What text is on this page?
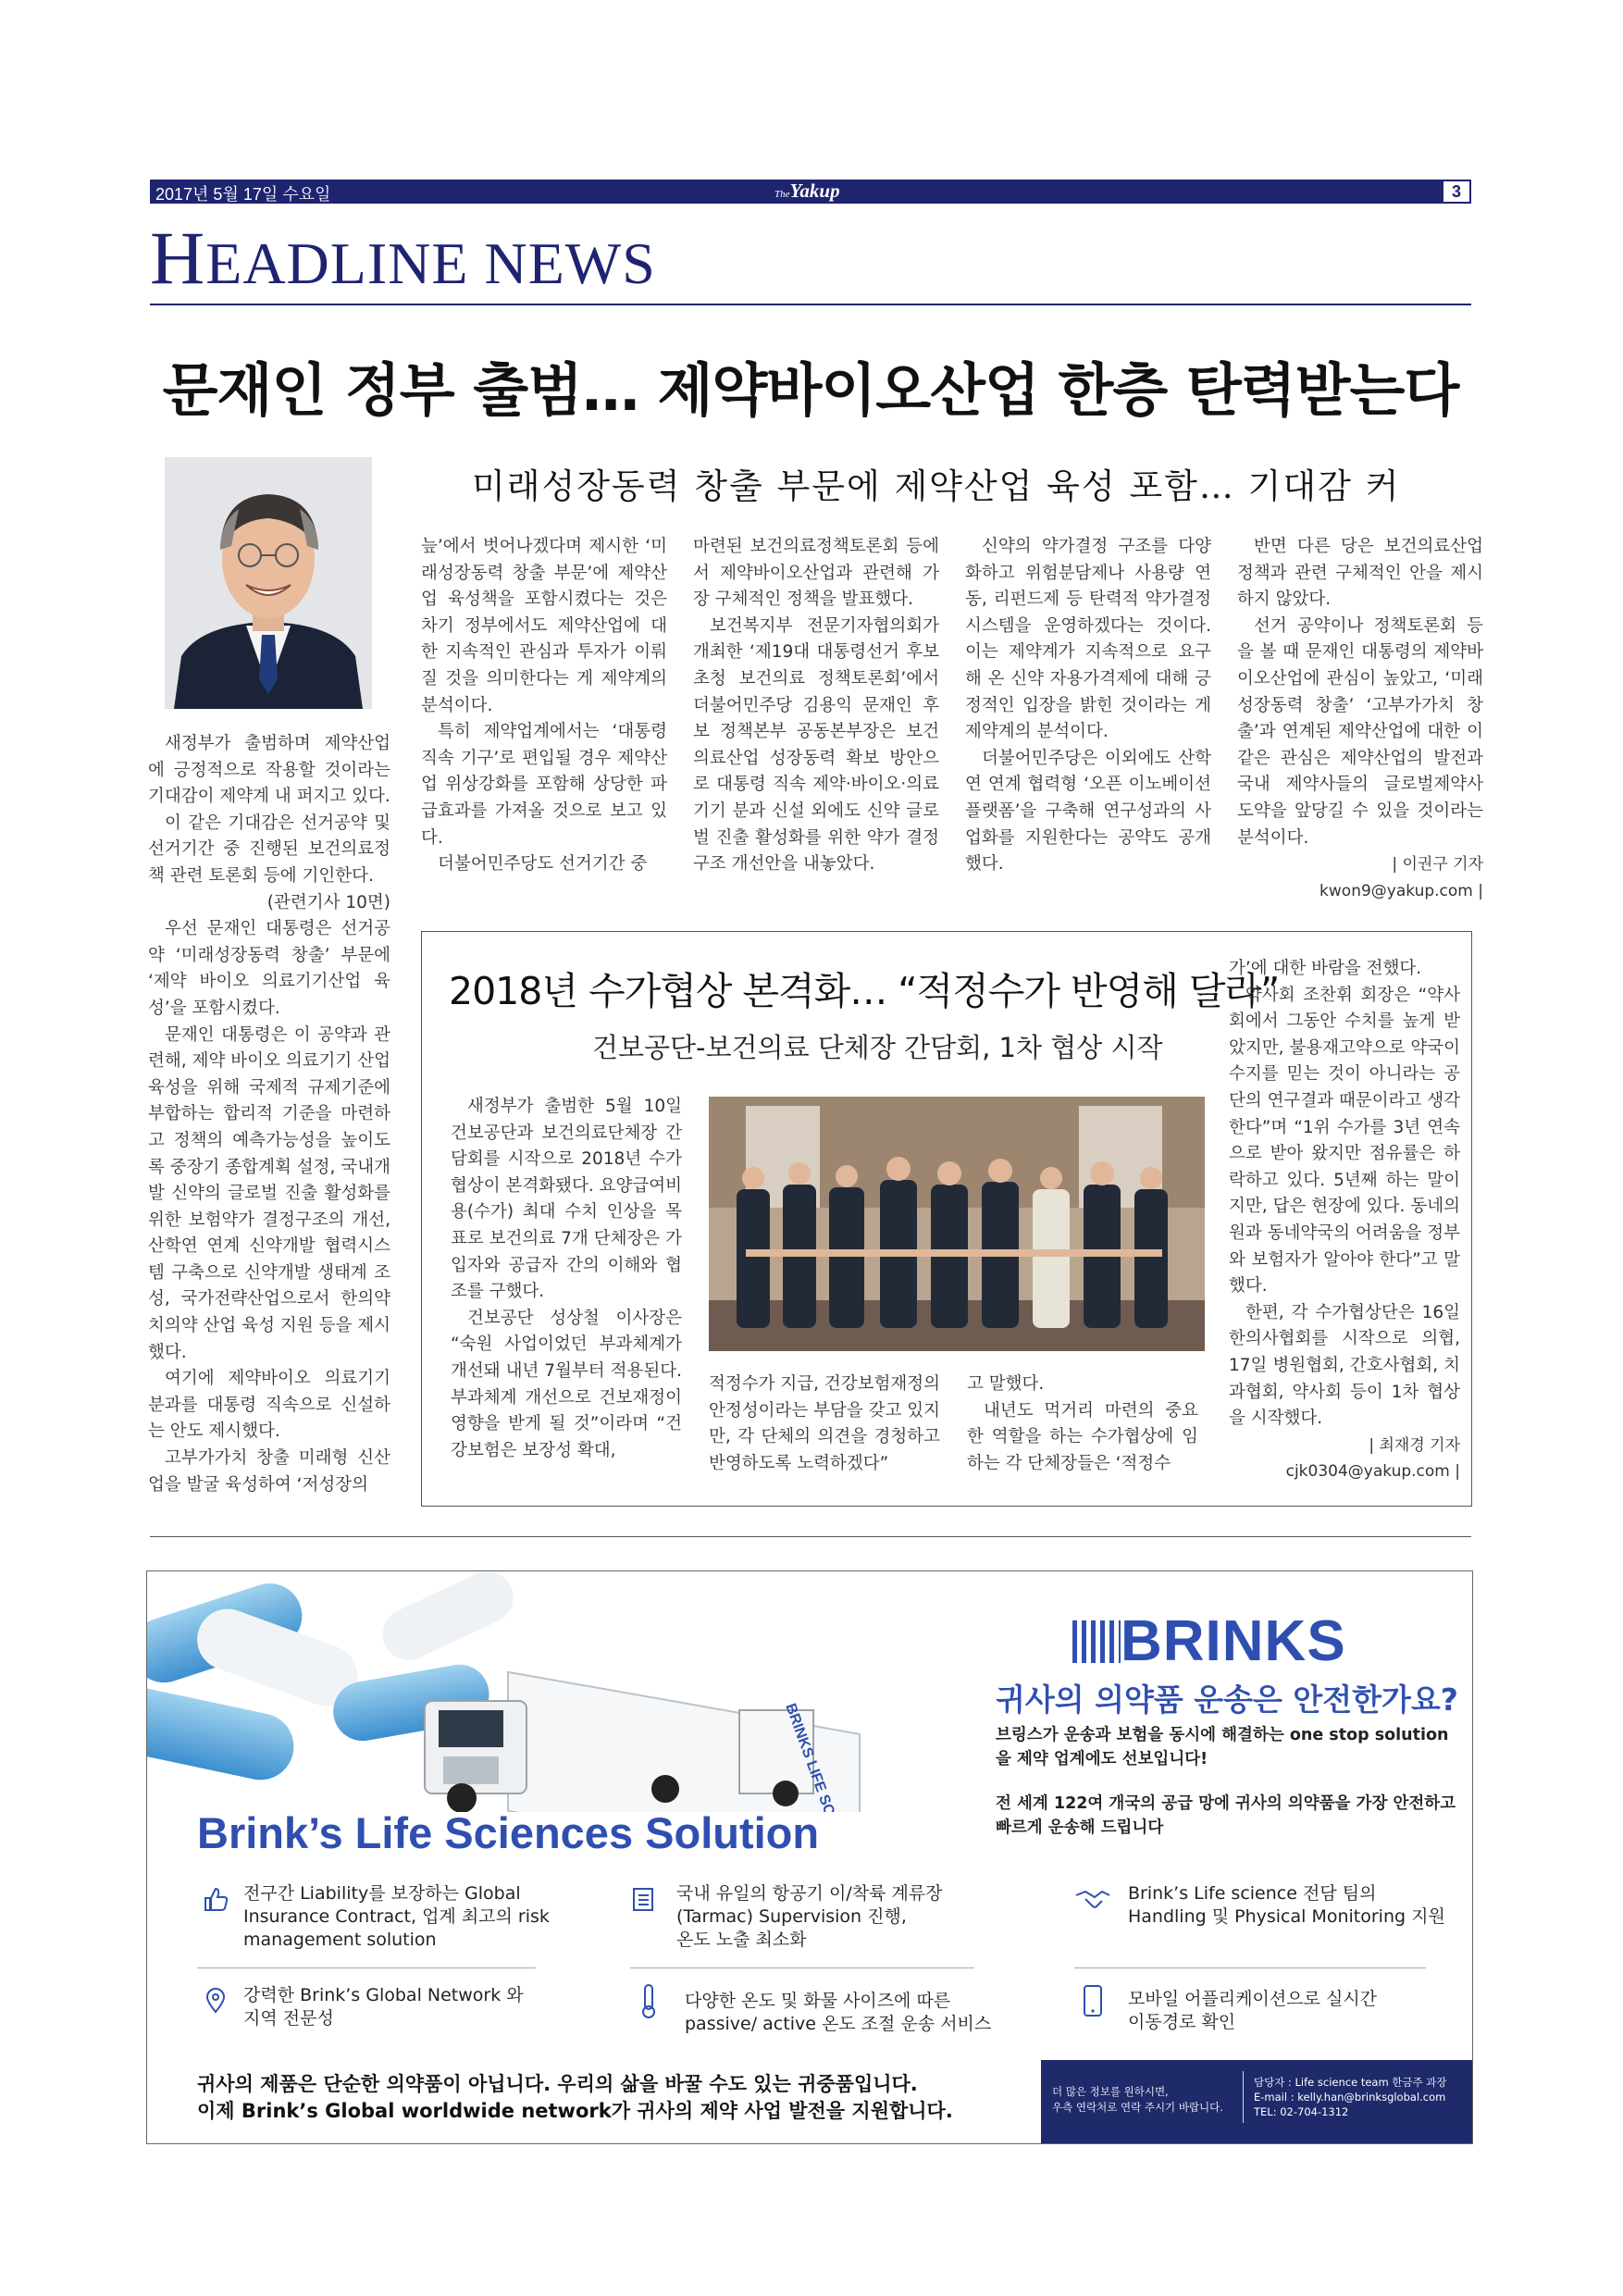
2017년 5월 17일 수요일	TheYakup	3
HEADLINE NEWS
문재인 정부 출범… 제약바이오산업 한층 탄력받는다
미래성장동력 창출 부문에 제약산업 육성 포함… 기대감 커

새정부가 출범하며 제약산업에 긍정적으로 작용할 것이라는 기대감이 제약계 내 퍼지고 있다.

이 같은 기대감은 선거공약 및 선거기간 중 진행된 보건의료정책 관련 토론회 등에 기인한다.

(관련기사 10면)

우선 문재인 대통령은 선거공약 ‘미래성장동력 창출’ 부문에 ‘제약 바이오 의료기기산업 육성’을 포함시켰다.

문재인 대통령은 이 공약과 관련해, 제약 바이오 의료기기 산업 육성을 위해 국제적 규제기준에 부합하는 합리적 기준을 마련하고 정책의 예측가능성을 높이도록 중장기 종합계획 설정, 국내개발 신약의 글로벌 진출 활성화를 위한 보험약가 결정구조의 개선, 산학연 연계 신약개발 협력시스템 구축으로 신약개발 생태계 조성, 국가전략산업으로서 한의약 치의약 산업 육성 지원 등을 제시했다.

여기에 제약바이오 의료기기 분과를 대통령 직속으로 신설하는 안도 제시했다.

고부가가치 창출 미래형 신산업을 발굴 육성하여 ‘저성장의

늪’에서 벗어나겠다며 제시한 ‘미래성장동력 창출 부문’에 제약산업 육성책을 포함시켰다는 것은 차기 정부에서도 제약산업에 대한 지속적인 관심과 투자가 이뤄질 것을 의미한다는 게 제약계의 분석이다.

특히 제약업계에서는 ‘대통령 직속 기구’로 편입될 경우 제약산업 위상강화를 포함해 상당한 파급효과를 가져올 것으로 보고 있다.

더불어민주당도 선거기간 중

마련된 보건의료정책토론회 등에서 제약바이오산업과 관련해 가장 구체적인 정책을 발표했다.

보건복지부 전문기자협의회가 개최한 ‘제19대 대통령선거 후보 초청 보건의료 정책토론회’에서 더불어민주당 김용익 문재인 후보 정책본부 공동본부장은 보건의료산업 성장동력 확보 방안으로 대통령 직속 제약·바이오·의료기기 분과 신설 외에도 신약 글로벌 진출 활성화를 위한 약가 결정구조 개선안을 내놓았다.

신약의 약가결정 구조를 다양화하고 위험분담제나 사용량 연동, 리펀드제 등 탄력적 약가결정 시스템을 운영하겠다는 것이다. 이는 제약계가 지속적으로 요구해 온 신약 자용가격제에 대해 긍정적인 입장을 밝힌 것이라는 게 제약계의 분석이다.

더불어민주당은 이외에도 산학연 연계 협력형 ‘오픈 이노베이션 플랫폼’을 구축해 연구성과의 사업화를 지원한다는 공약도 공개했다.

반면 다른 당은 보건의료산업 정책과 관련 구체적인 안을 제시하지 않았다.

선거 공약이나 정책토론회 등을 볼 때 문재인 대통령의 제약바이오산업에 관심이 높았고, ‘미래성장동력 창출’ ‘고부가가치 창출’과 연계된 제약산업에 대한 이 같은 관심은 제약산업의 발전과 국내 제약사들의 글로벌제약사 도약을 앞당길 수 있을 것이라는 분석이다.

| 이권구 기자 kwon9@yakup.com |

2018년 수가협상 본격화… “적정수가 반영해 달라”
건보공단-보건의료 단체장 간담회, 1차 협상 시작

새정부가 출범한 5월 10일 건보공단과 보건의료단체장 간담회를 시작으로 2018년 수가협상이 본격화됐다. 요양급여비용(수가) 최대 수치 인상을 목표로 보건의료 7개 단체장은 가입자와 공급자 간의 이해와 협조를 구했다.

건보공단 성상철 이사장은 “숙원 사업이었던 부과체계가 개선돼 내년 7월부터 적용된다. 부과체계 개선으로 건보재정이 영향을 받게 될 것”이라며 “건강보험은 보장성 확대,

적정수가 지급, 건강보험재정의 안정성이라는 부담을 갖고 있지만, 각 단체의 의견을 경청하고 반영하도록 노력하겠다”

고 말했다.

내년도 먹거리 마련의 중요한 역할을 하는 수가협상에 임하는 각 단체장들은 ‘적정수

가’에 대한 바람을 전했다.

약사회 조찬휘 회장은 “약사회에서 그동안 수치를 높게 받았지만, 불용재고약으로 약국이 수지를 믿는 것이 아니라는 공단의 연구결과 때문이라고 생각한다”며 “1위 수가를 3년 연속으로 받아 왔지만 점유률은 하락하고 있다. 5년째 하는 말이지만, 답은 현장에 있다. 동네의원과 동네약국의 어려움을 정부와 보험자가 알아야 한다”고 말했다.

한편, 각 수가협상단은 16일 한의사협회를 시작으로 의협, 17일 병원협회, 간호사협회, 치과협회, 약사회 등이 1차 협상을 시작했다.

| 최재경 기자 cjk0304@yakup.com |

BRINKS
귀사의 의약품 운송은 안전한가요?
브링스가 운송과 보험을 동시에 해결하는 one stop solution
을 제약 업계에도 선보입니다!
전 세계 122여 개국의 공급 망에 귀사의 의약품을 가장 안전하고
빠르게 운송해 드립니다
Brink’s Life Sciences Solution
전구간 Liability를 보장하는 Global
Insurance Contract, 업계 최고의 risk
management solution
국내 유일의 항공기 이/착륙 계류장
(Tarmac) Supervision 진행,
온도 노출 최소화
Brink’s Life science 전담 팀의
Handling 및 Physical Monitoring 지원
강력한 Brink’s Global Network 와
지역 전문성
다양한 온도 및 화물 사이즈에 따른
passive/ active 온도 조절 운송 서비스
모바일 어플리케이션으로 실시간
이동경로 확인
귀사의 제품은 단순한 의약품이 아닙니다. 우리의 삶을 바꿀 수도 있는 귀중품입니다.
이제 Brink’s Global worldwide network가 귀사의 제약 사업 발전을 지원합니다.
더 많은 정보를 원하시면,
우측 연락처로 연락 주시기 바랍니다.
담당자 : Life science team 한금주 과장
E-mail : kelly.han@brinksglobal.com
TEL: 02-704-1312
